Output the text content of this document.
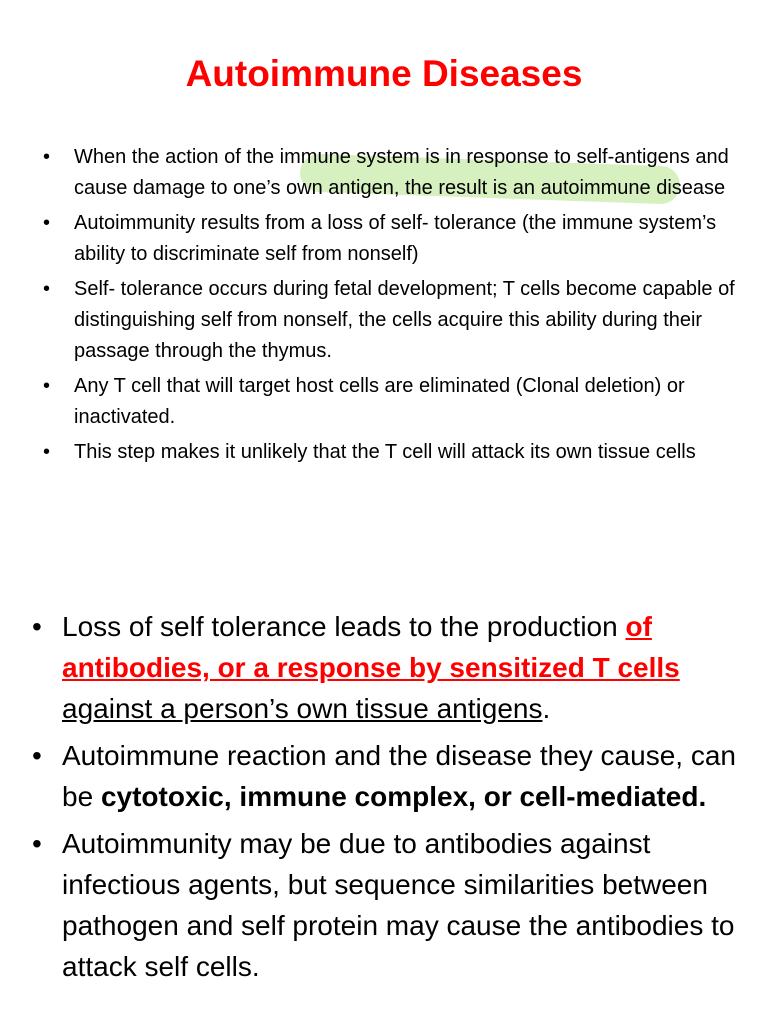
Autoimmune Diseases
• When the action of the immune system is in response to self-antigens and cause damage to one’s own antigen, the result is an autoimmune disease
• Autoimmunity results from a loss of self- tolerance (the immune system’s ability to discriminate self from nonself)
• Self- tolerance occurs during fetal development; T cells become capable of distinguishing self from nonself, the cells acquire this ability during their passage through the thymus.
• Any T cell that will target host cells are eliminated (Clonal deletion) or inactivated.
• This step makes it unlikely that the T cell will attack its own tissue cells
• Loss of self tolerance leads to the production of antibodies, or a response by sensitized T cells against a person’s own tissue antigens.
• Autoimmune reaction and the disease they cause, can be cytotoxic, immune complex, or cell-mediated.
• Autoimmunity may be due to antibodies against infectious agents, but sequence similarities between pathogen and self protein may cause the antibodies to attack self cells.
